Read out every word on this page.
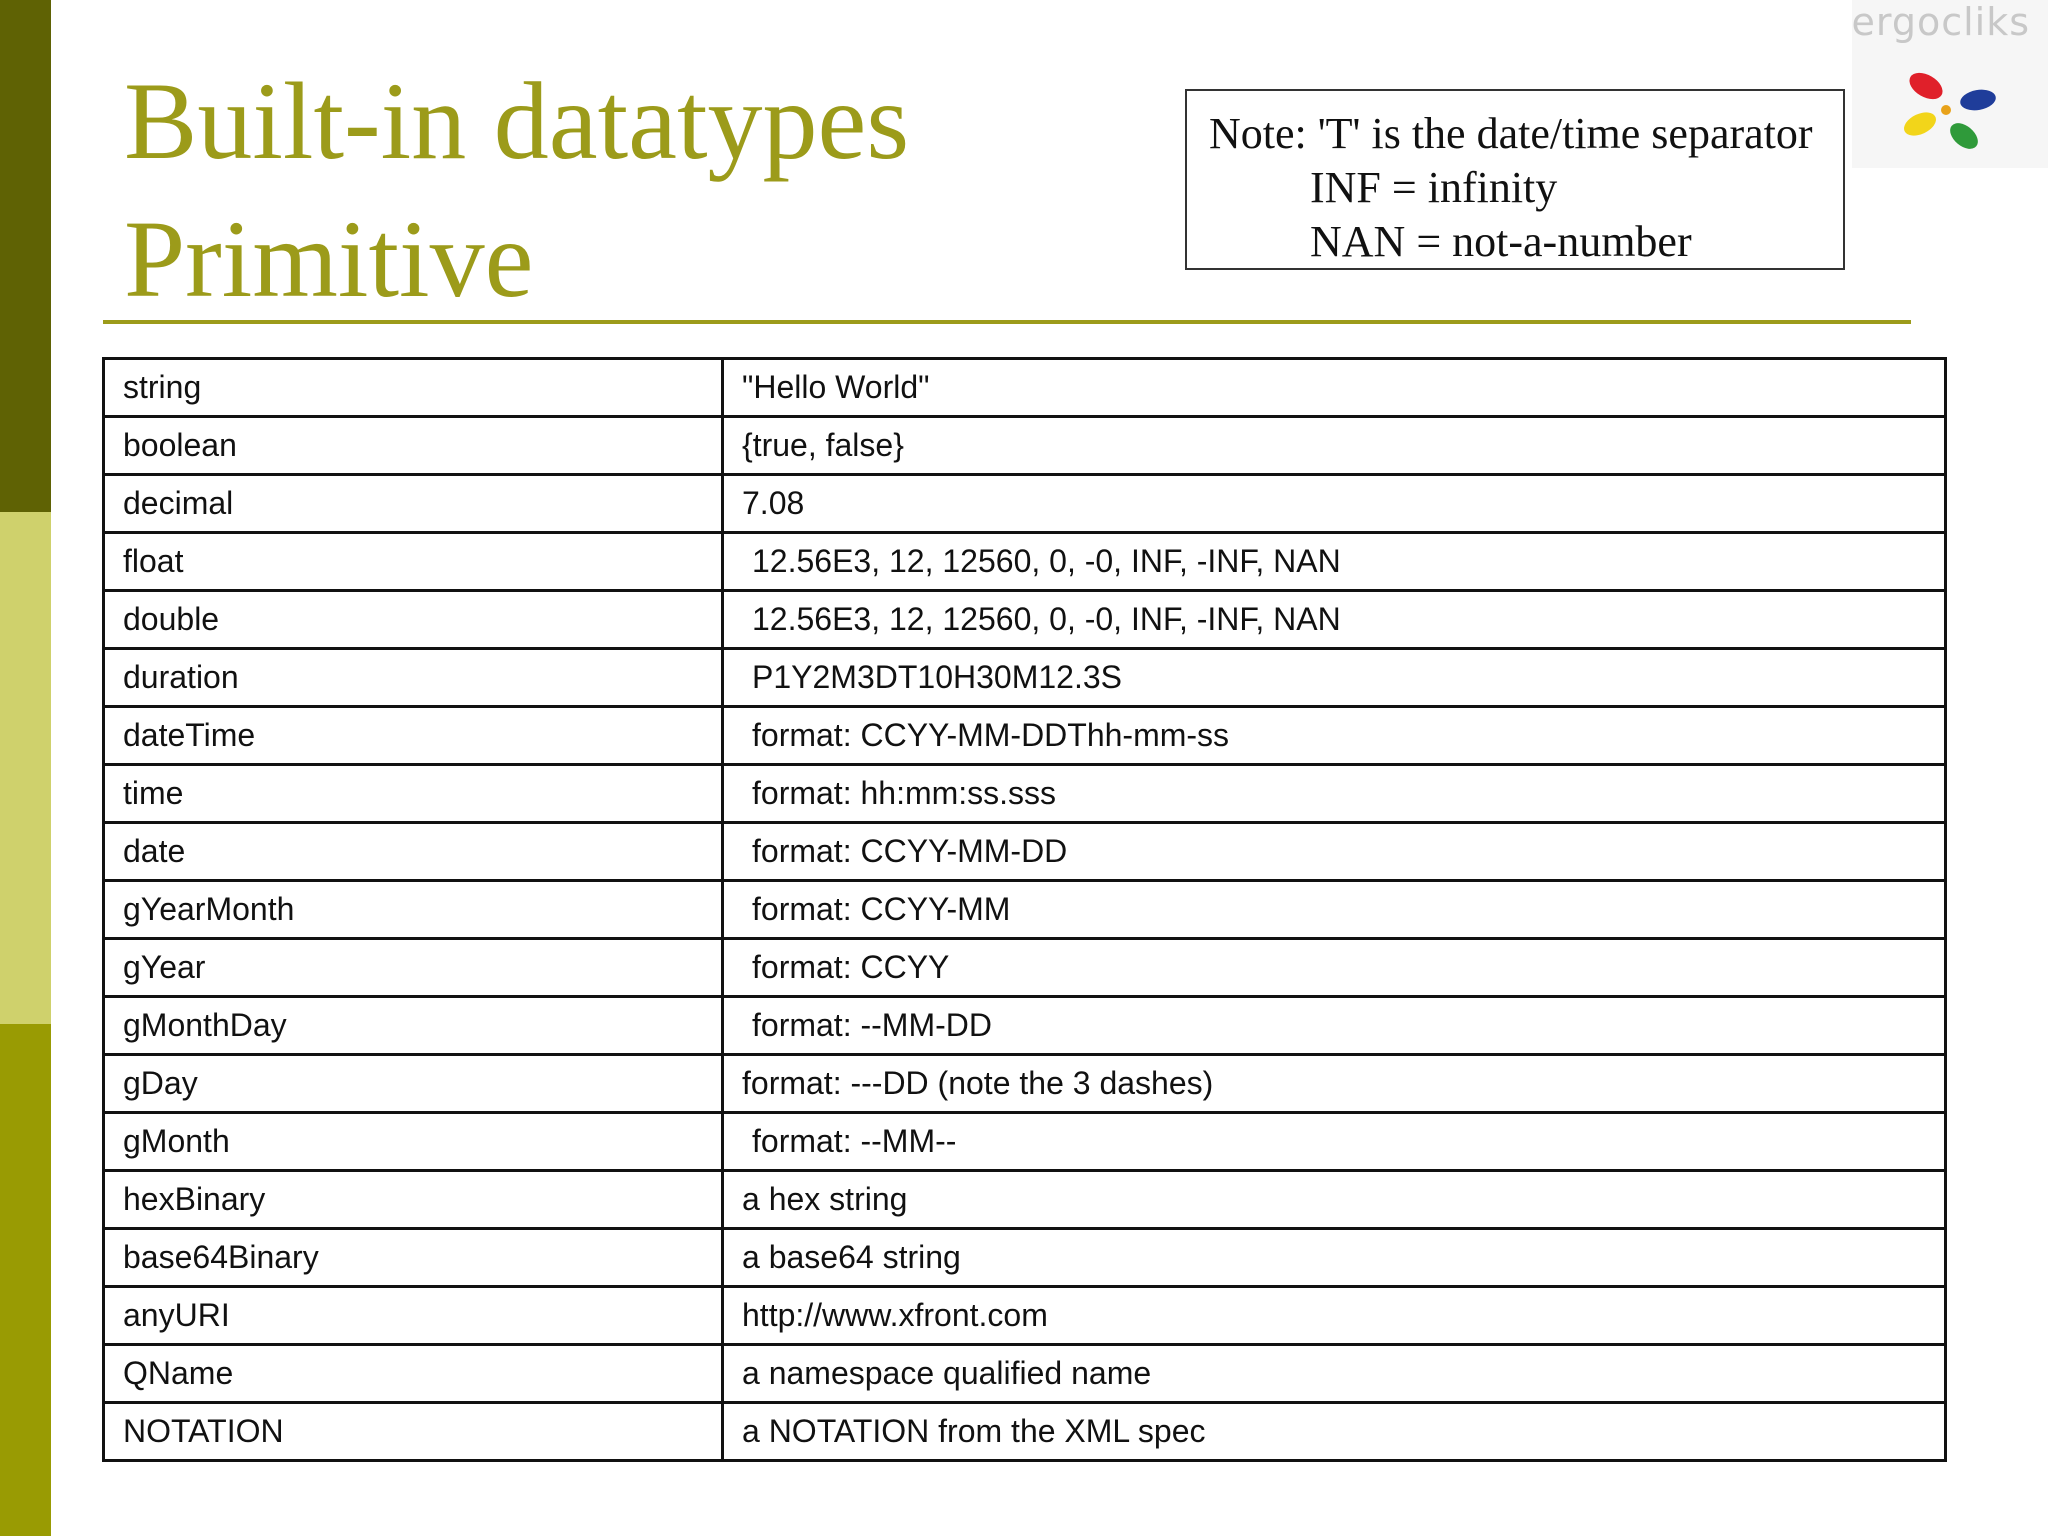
Built-in datatypes
Primitive
Note: 'T' is the date/time separator
INF = infinity
NAN = not-a-number
ergocliks
string	"Hello World"
boolean	{true, false}
decimal	7.08
float	12.56E3, 12, 12560, 0, -0, INF, -INF, NAN
double	12.56E3, 12, 12560, 0, -0, INF, -INF, NAN
duration	P1Y2M3DT10H30M12.3S
dateTime	format: CCYY-MM-DDThh-mm-ss
time	format: hh:mm:ss.sss
date	format: CCYY-MM-DD
gYearMonth	format: CCYY-MM
gYear	format: CCYY
gMonthDay	format: --MM-DD
gDay	format: ---DD (note the 3 dashes)
gMonth	format: --MM--
hexBinary	a hex string
base64Binary	a base64 string
anyURI	http://www.xfront.com
QName	a namespace qualified name
NOTATION	a NOTATION from the XML spec
